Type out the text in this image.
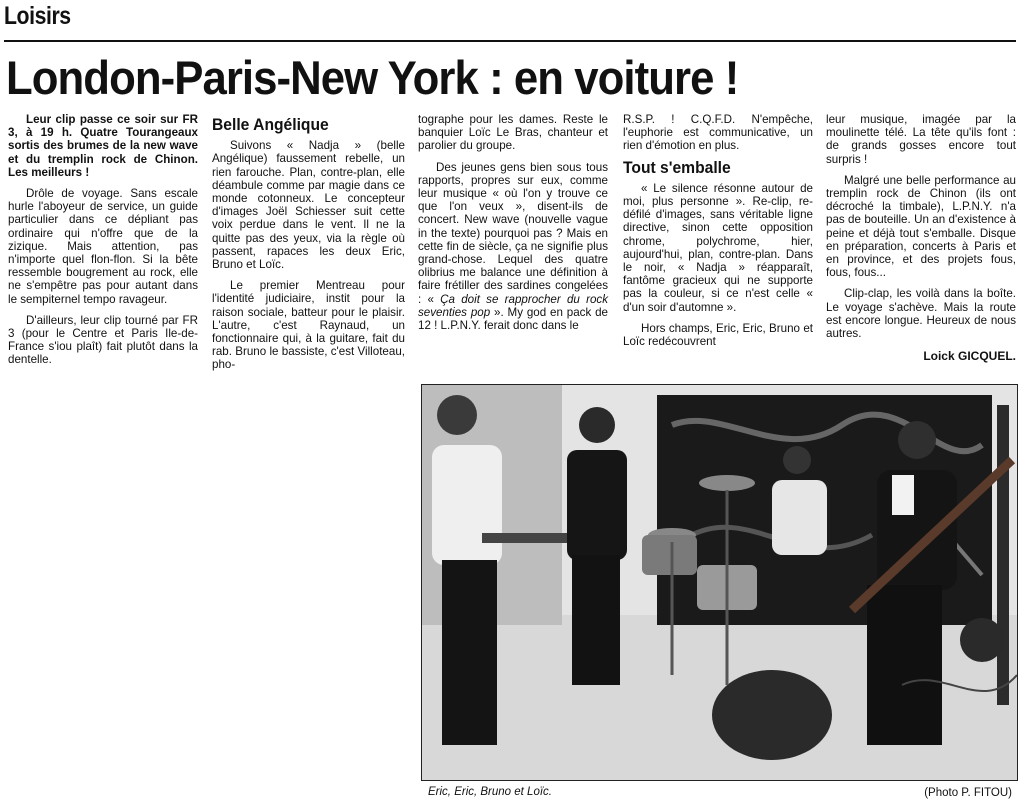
Loisirs
London-Paris-New York : en voiture !

Leur clip passe ce soir sur FR 3, à 19 h. Quatre Tourangeaux sortis des brumes de la new wave et du tremplin rock de Chinon. Les meilleurs !

Drôle de voyage. Sans escale hurle l'aboyeur de service, un guide particulier dans ce dépliant pas ordinaire qui n'offre que de la zizique. Mais attention, pas n'importe quel flon-flon. Si la bête ressemble bougrement au rock, elle ne s'empêtre pas pour autant dans le sempiternel tempo ravageur.

D'ailleurs, leur clip tourné par FR 3 (pour le Centre et Paris Ile-de-France s'iou plaît) fait plutôt dans la dentelle.

Belle Angélique

Suivons « Nadja » (belle Angélique) faussement rebelle, un rien farouche. Plan, contre-plan, elle déambule comme par magie dans ce monde cotonneux. Le concepteur d'images Joël Schiesser suit cette voix perdue dans le vent. Il ne la quitte pas des yeux, via la règle où passent, rapaces les deux Eric, Bruno et Loïc.

Le premier Mentreau pour l'identité judiciaire, instit pour la raison sociale, batteur pour le plaisir. L'autre, c'est Raynaud, un fonctionnaire qui, à la guitare, fait du rab. Bruno le bassiste, c'est Villoteau, pho-

tographe pour les dames. Reste le banquier Loïc Le Bras, chanteur et parolier du groupe.

Des jeunes gens bien sous tous rapports, propres sur eux, comme leur musique « où l'on y trouve ce que l'on veux », disent-ils de concert. New wave (nouvelle vague in the texte) pourquoi pas ? Mais en cette fin de siècle, ça ne signifie plus grand-chose. Lequel des quatre olibrius me balance une définition à faire frétiller des sardines congelées : « Ça doit se rapprocher du rock seventies pop ». My god en pack de 12 ! L.P.N.Y. ferait donc dans le

R.S.P. ! C.Q.F.D. N'empêche, l'euphorie est communicative, un rien d'émotion en plus.

Tout s'emballe

« Le silence résonne autour de moi, plus personne ». Re-clip, re-défilé d'images, sans véritable ligne directive, sinon cette opposition chrome, polychrome, hier, aujourd'hui, plan, contre-plan. Dans le noir, « Nadja » réapparaît, fantôme gracieux qui ne supporte pas la couleur, si ce n'est celle « d'un soir d'automne ».

Hors champs, Eric, Eric, Bruno et Loïc redécouvrent

leur musique, imagée par la moulinette télé. La tête qu'ils font : de grands gosses encore tout surpris !

Malgré une belle performance au tremplin rock de Chinon (ils ont décroché la timbale), L.P.N.Y. n'a pas de bouteille. Un an d'existence à peine et déjà tout s'emballe. Disque en préparation, concerts à Paris et en province, et des projets fous, fous, fous...

Clip-clap, les voilà dans la boîte. Le voyage s'achève. Mais la route est encore longue. Heureux de nous autres.

Loick GICQUEL.
Eric, Eric, Bruno et Loïc.	(Photo P. FITOU)
